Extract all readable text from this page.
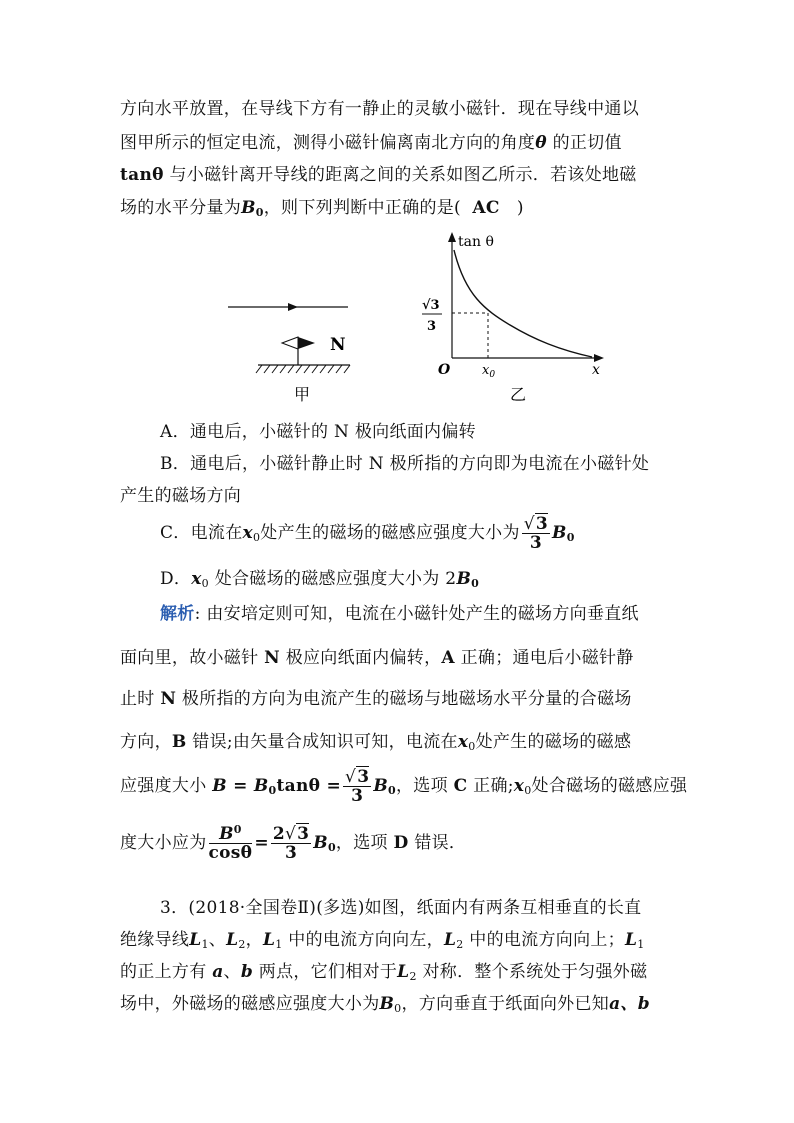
方向水平放置，在导线下方有一静止的灵敏小磁针．现在导线中通以
图甲所示的恒定电流，测得小磁针偏离南北方向的角度θ 的正切值
tanθ 与小磁针离开导线的距离之间的关系如图乙所示．若该处地磁
场的水平分量为$B_0$，则下列判断中正确的是( AC )
N
甲
tan θ
√3
3
O $x_0$	x
乙
A．通电后，小磁针的 N 极向纸面内偏转
B．通电后，小磁针静止时 N 极所指的方向即为电流在小磁针处
产生的磁场方向
C．电流在$x_0$处产生的磁场的磁感应强度大小为 $\frac{√3}{3} B_0$
D．$x_0$ 处合磁场的磁感应强度大小为 $2B_0$
解析: 由安培定则可知，电流在小磁针处产生的磁场方向垂直纸
面向里，故小磁针 N 极应向纸面内偏转，A 正确；通电后小磁针静
止时 N 极所指的方向为电流产生的磁场与地磁场水平分量的合磁场
方向，B 错误;由矢量合成知识可知，电流在$x_0$处产生的磁场的磁感
应强度大小 $B = B_0\tan\theta = \frac{√3}{3} B_0$，选项 C 正确$;x_0$处合磁场的磁感应强
度大小应为 $\frac{B^0}{\cos\theta} = \frac{2√3}{3} B_0$，选项 D 错误．
3．(2018·全国卷Ⅱ)(多选)如图，纸面内有两条互相垂直的长直
绝缘导线$L_1$、$L_2$，$L_1$ 中的电流方向向左，$L_2$ 中的电流方向向上；$L_1$
的正上方有 a、b 两点，它们相对于$L_2$ 对称．整个系统处于匀强外磁
场中，外磁场的磁感应强度大小为$B_0$，方向垂直于纸面向外已知a、b
